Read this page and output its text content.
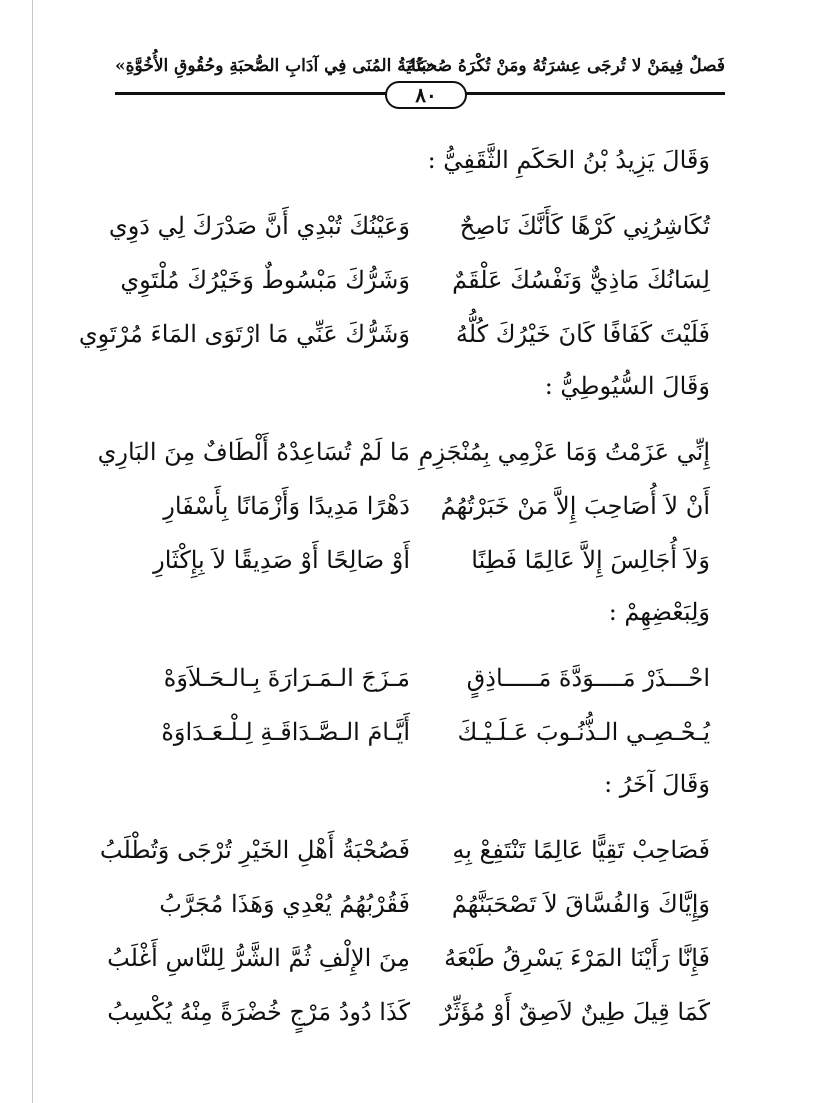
فَصلٌ فِيمَنْ لا تُرجَى عِشرَتُهُ ومَنْ تُكْرَهُ صُحبَتُهُ
«غَايَةُ المُنَى فِي آدَابِ الصُّحبَةِ وحُقُوقِ الأُخُوَّةِ»
٨٠
وَقَالَ يَزِيدُ بْنُ الحَكَمِ الثَّقَفِيُّ :
تُكَاشِرُنِي كَرْهًا كَأَنَّكَ نَاصِحٌ
وَعَيْنُكَ تُبْدِي أَنَّ صَدْرَكَ لِي دَوِي
لِسَانُكَ مَاذِيٌّ وَنَفْسُكَ عَلْقَمٌ
وَشَرُّكَ مَبْسُوطٌ وَخَيْرُكَ مُلْتَوِي
فَلَيْتَ كَفَافًا كَانَ خَيْرُكَ كُلُّهُ
وَشَرُّكَ عَنِّي مَا ارْتَوَى المَاءَ مُرْتَوِي
وَقَالَ السُّيُوطِيُّ :
إِنِّي عَزَمْتُ وَمَا عَزْمِي بِمُنْجَزِمِ
مَا لَمْ تُسَاعِدْهُ أَلْطَافٌ مِنَ البَارِي
أَنْ لاَ أُصَاحِبَ إِلاَّ مَنْ خَبَرْتُهُمُ
دَهْرًا مَدِيدًا وَأَزْمَانًا بِأَسْفَارِ
وَلاَ أُجَالِسَ إِلاَّ عَالِمًا فَطِنًا
أَوْ صَالِحًا أَوْ صَدِيقًا لاَ بِإِكْثَارِ
وَلِبَعْضِهِمْ :
احْـــذَرْ مَــــوَدَّةَ مَـــــاذِقٍ
مَـزَجَ الـمَـرَارَةَ بِـالـحَـلاَوَهْ
يُـحْـصِـي الـذُّنُـوبَ عَـلَـيْـكَ
أَيَّـامَ الـصَّـدَاقَـةِ لِـلْـعَـدَاوَهْ
وَقَالَ آخَرُ :
فَصَاحِبْ تَقِيًّا عَالِمًا تَنْتَفِعْ بِهِ
فَصُحْبَةُ أَهْلِ الخَيْرِ تُرْجَى وَتُطْلَبُ
وَإِيَّاكَ وَالفُسَّاقَ لاَ تَصْحَبَنَّهُمْ
فَقُرْبُهُمُ يُعْدِي وَهَذَا مُجَرَّبُ
فَإِنَّا رَأَيْنَا المَرْءَ يَسْرِقُ طَبْعَهُ
مِنَ الإِلْفِ ثُمَّ الشَّرُّ لِلنَّاسِ أَغْلَبُ
كَمَا قِيلَ طِينٌ لاَصِقٌ أَوْ مُؤَثِّرٌ
كَذَا دُودُ مَرْجٍ خُضْرَةً مِنْهُ يُكْسِبُ
